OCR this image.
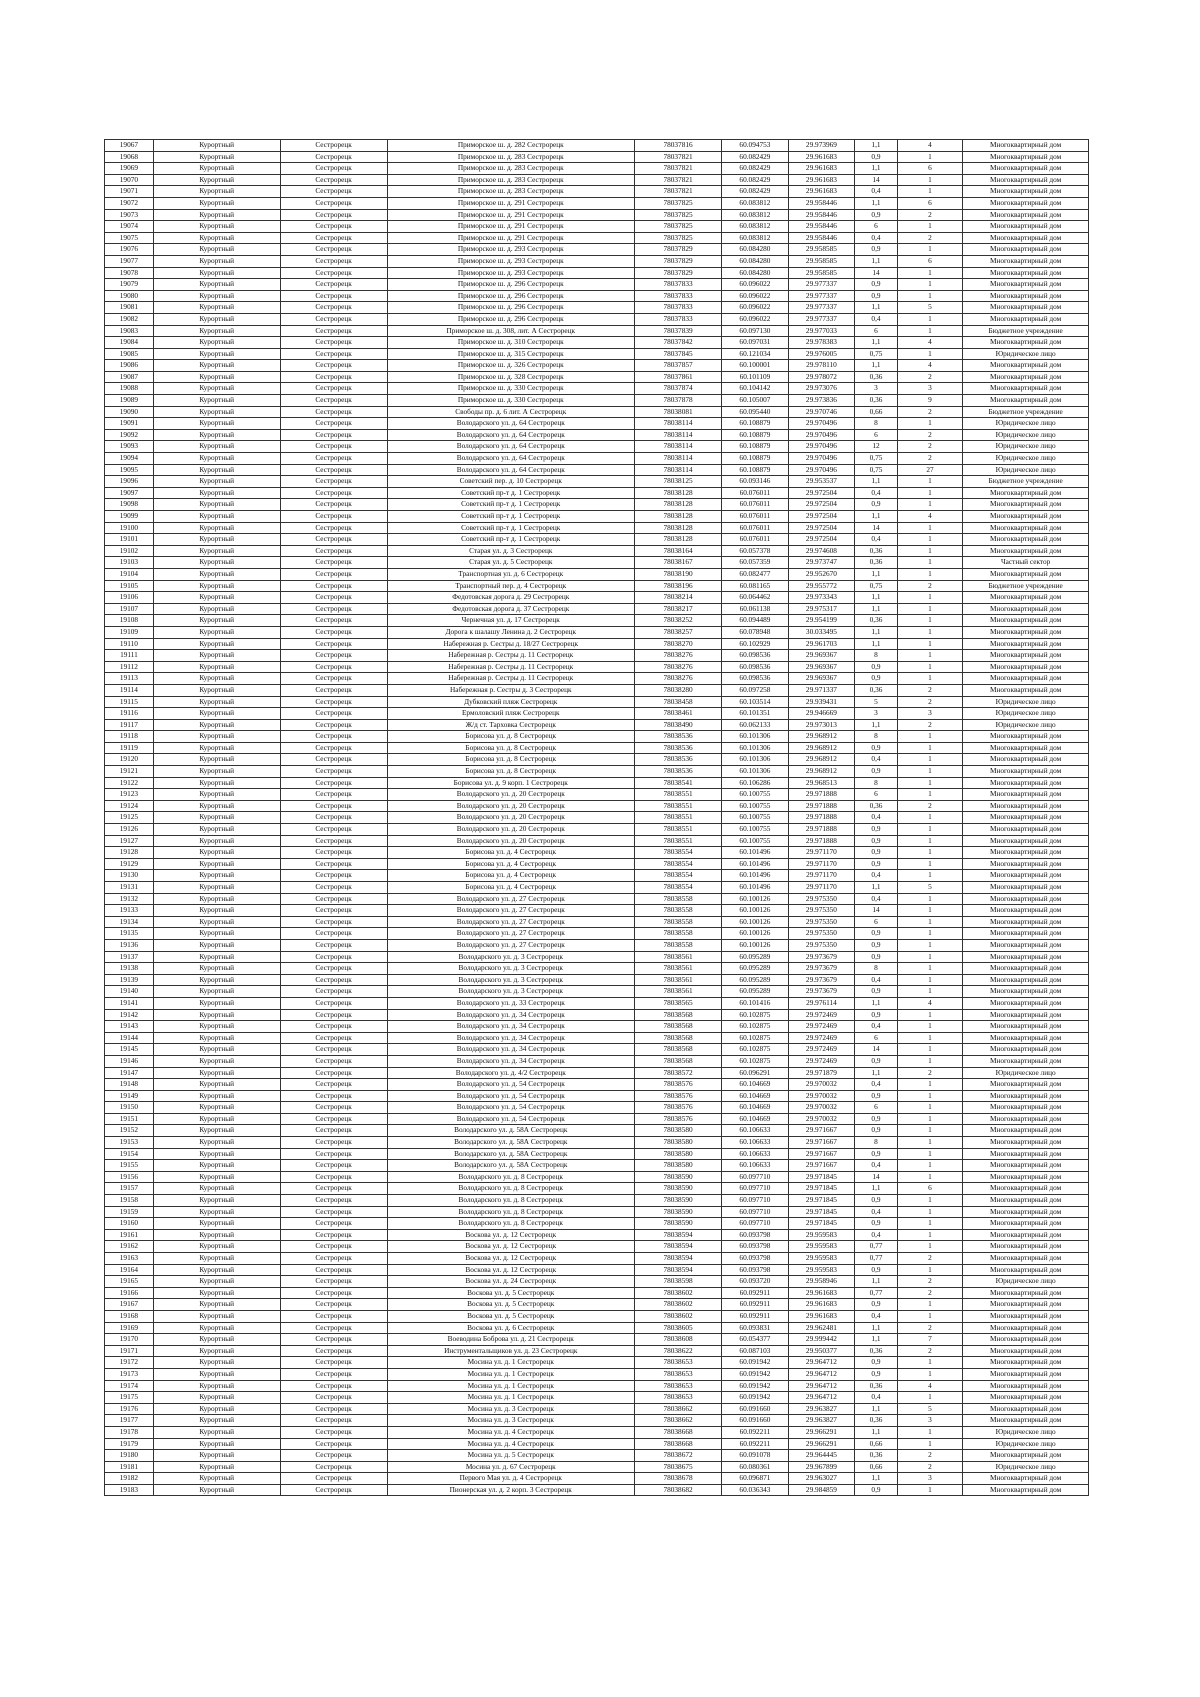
19067	Курортный	Сестрорецк	Приморское ш. д. 282 Сестрорецк	78037816	60.094753	29.973969	1,1	4	Многоквартирный дом
19068	Курортный	Сестрорецк	Приморское ш. д. 283 Сестрорецк	78037821	60.082429	29.961683	0,9	1	Многоквартирный дом
19069	Курортный	Сестрорецк	Приморское ш. д. 283 Сестрорецк	78037821	60.082429	29.961683	1,1	6	Многоквартирный дом
19070	Курортный	Сестрорецк	Приморское ш. д. 283 Сестрорецк	78037821	60.082429	29.961683	14	1	Многоквартирный дом
19071	Курортный	Сестрорецк	Приморское ш. д. 283 Сестрорецк	78037821	60.082429	29.961683	0,4	1	Многоквартирный дом
19072	Курортный	Сестрорецк	Приморское ш. д. 291 Сестрорецк	78037825	60.083812	29.958446	1,1	6	Многоквартирный дом
19073	Курортный	Сестрорецк	Приморское ш. д. 291 Сестрорецк	78037825	60.083812	29.958446	0,9	2	Многоквартирный дом
19074	Курортный	Сестрорецк	Приморское ш. д. 291 Сестрорецк	78037825	60.083812	29.958446	6	1	Многоквартирный дом
19075	Курортный	Сестрорецк	Приморское ш. д. 291 Сестрорецк	78037825	60.083812	29.958446	0,4	2	Многоквартирный дом
19076	Курортный	Сестрорецк	Приморское ш. д. 293 Сестрорецк	78037829	60.084280	29.958585	0,9	1	Многоквартирный дом
19077	Курортный	Сестрорецк	Приморское ш. д. 293 Сестрорецк	78037829	60.084280	29.958585	1,1	6	Многоквартирный дом
19078	Курортный	Сестрорецк	Приморское ш. д. 293 Сестрорецк	78037829	60.084280	29.958585	14	1	Многоквартирный дом
19079	Курортный	Сестрорецк	Приморское ш. д. 296 Сестрорецк	78037833	60.096022	29.977337	0,9	1	Многоквартирный дом
19080	Курортный	Сестрорецк	Приморское ш. д. 296 Сестрорецк	78037833	60.096022	29.977337	0,9	1	Многоквартирный дом
19081	Курортный	Сестрорецк	Приморское ш. д. 296 Сестрорецк	78037833	60.096022	29.977337	1,1	5	Многоквартирный дом
19082	Курортный	Сестрорецк	Приморское ш. д. 296 Сестрорецк	78037833	60.096022	29.977337	0,4	1	Многоквартирный дом
19083	Курортный	Сестрорецк	Приморское ш. д. 308, лит. А Сестрорецк	78037839	60.097130	29.977033	6	1	Бюджетное учреждение
19084	Курортный	Сестрорецк	Приморское ш. д. 310 Сестрорецк	78037842	60.097031	29.978383	1,1	4	Многоквартирный дом
19085	Курортный	Сестрорецк	Приморское ш. д. 315 Сестрорецк	78037845	60.121034	29.976005	0,75	1	Юридическое лицо
19086	Курортный	Сестрорецк	Приморское ш. д. 326 Сестрорецк	78037857	60.100001	29.978110	1,1	4	Многоквартирный дом
19087	Курортный	Сестрорецк	Приморское ш. д. 328 Сестрорецк	78037861	60.101109	29.978072	0,36	2	Многоквартирный дом
19088	Курортный	Сестрорецк	Приморское ш. д. 330 Сестрорецк	78037874	60.104142	29.973076	3	3	Многоквартирный дом
19089	Курортный	Сестрорецк	Приморское ш. д. 330 Сестрорецк	78037878	60.105007	29.973836	0,36	9	Многоквартирный дом
19090	Курортный	Сестрорецк	Свободы пр. д. 6 лит. А Сестрорецк	78038081	60.095440	29.970746	0,66	2	Бюджетное учреждение
19091	Курортный	Сестрорецк	Володарского ул. д. 64 Сестрорецк	78038114	60.108879	29.970496	8	1	Юридическое лицо
19092	Курортный	Сестрорецк	Володарского ул. д. 64 Сестрорецк	78038114	60.108879	29.970496	6	2	Юридическое лицо
19093	Курортный	Сестрорецк	Володарского ул. д. 64 Сестрорецк	78038114	60.108879	29.970496	12	2	Юридическое лицо
19094	Курортный	Сестрорецк	Володарского ул. д. 64 Сестрорецк	78038114	60.108879	29.970496	0,75	2	Юридическое лицо
19095	Курортный	Сестрорецк	Володарского ул. д. 64 Сестрорецк	78038114	60.108879	29.970496	0,75	27	Юридическое лицо
19096	Курортный	Сестрорецк	Советский пер. д. 10 Сестрорецк	78038125	60.093146	29.953537	1,1	1	Бюджетное учреждение
19097	Курортный	Сестрорецк	Советский пр-т д. 1 Сестрорецк	78038128	60.076011	29.972504	0,4	1	Многоквартирный дом
19098	Курортный	Сестрорецк	Советский пр-т д. 1 Сестрорецк	78038128	60.076011	29.972504	0,9	1	Многоквартирный дом
19099	Курортный	Сестрорецк	Советский пр-т д. 1 Сестрорецк	78038128	60.076011	29.972504	1,1	4	Многоквартирный дом
19100	Курортный	Сестрорецк	Советский пр-т д. 1 Сестрорецк	78038128	60.076011	29.972504	14	1	Многоквартирный дом
19101	Курортный	Сестрорецк	Советский пр-т д. 1 Сестрорецк	78038128	60.076011	29.972504	0,4	1	Многоквартирный дом
19102	Курортный	Сестрорецк	Старая ул. д. 3 Сестрорецк	78038164	60.057378	29.974608	0,36	1	Многоквартирный дом
19103	Курортный	Сестрорецк	Старая ул. д. 5 Сестрорецк	78038167	60.057359	29.973747	0,36	1	Частный сектор
19104	Курортный	Сестрорецк	Транспортная ул. д. 6 Сестрорецк	78038190	60.082477	29.952670	1,1	1	Многоквартирный дом
19105	Курортный	Сестрорецк	Транспортный пер. д. 4 Сестрорецк	78038196	60.081165	29.955772	0,75	2	Бюджетное учреждение
19106	Курортный	Сестрорецк	Федотовская дорога д. 29 Сестрорецк	78038214	60.064462	29.973343	1,1	1	Многоквартирный дом
19107	Курортный	Сестрорецк	Федотовская дорога д. 37 Сестрорецк	78038217	60.061138	29.975317	1,1	1	Многоквартирный дом
19108	Курортный	Сестрорецк	Чернечная ул. д. 17 Сестрорецк	78038252	60.094489	29.954199	0,36	1	Многоквартирный дом
19109	Курортный	Сестрорецк	Дорога к шалашу Ленина д. 2 Сестрорецк	78038257	60.078948	30.033495	1,1	1	Многоквартирный дом
19110	Курортный	Сестрорецк	Набережная р. Сестры д. 18/27 Сестрорецк	78038270	60.102929	29.961703	1,1	1	Многоквартирный дом
19111	Курортный	Сестрорецк	Набережная р. Сестры д. 11 Сестрорецк	78038276	60.098536	29.969367	8	1	Многоквартирный дом
19112	Курортный	Сестрорецк	Набережная р. Сестры д. 11 Сестрорецк	78038276	60.098536	29.969367	0,9	1	Многоквартирный дом
19113	Курортный	Сестрорецк	Набережная р. Сестры д. 11 Сестрорецк	78038276	60.098536	29.969367	0,9	1	Многоквартирный дом
19114	Курортный	Сестрорецк	Набережная р. Сестры д. 3 Сестрорецк	78038280	60.097258	29.971337	0,36	2	Многоквартирный дом
19115	Курортный	Сестрорецк	Дубковский пляж Сестрорецк	78038458	60.103514	29.939431	5	2	Юридическое лицо
19116	Курортный	Сестрорецк	Ермоловский пляж Сестрорецк	78038461	60.101351	29.946669	3	3	Юридическое лицо
19117	Курортный	Сестрорецк	Ж/д ст. Тарховка Сестрорецк	78038490	60.062133	29.973013	1,1	2	Юридическое лицо
19118	Курортный	Сестрорецк	Борисова ул. д. 8 Сестрорецк	78038536	60.101306	29.968912	8	1	Многоквартирный дом
19119	Курортный	Сестрорецк	Борисова ул. д. 8 Сестрорецк	78038536	60.101306	29.968912	0,9	1	Многоквартирный дом
19120	Курортный	Сестрорецк	Борисова ул. д. 8 Сестрорецк	78038536	60.101306	29.968912	0,4	1	Многоквартирный дом
19121	Курортный	Сестрорецк	Борисова ул. д. 8 Сестрорецк	78038536	60.101306	29.968912	0,9	1	Многоквартирный дом
19122	Курортный	Сестрорецк	Борисова ул. д. 9 корп. 1 Сестрорецк	78038541	60.106286	29.968513	8	1	Многоквартирный дом
19123	Курортный	Сестрорецк	Володарского ул. д. 20 Сестрорецк	78038551	60.100755	29.971888	6	1	Многоквартирный дом
19124	Курортный	Сестрорецк	Володарского ул. д. 20 Сестрорецк	78038551	60.100755	29.971888	0,36	2	Многоквартирный дом
19125	Курортный	Сестрорецк	Володарского ул. д. 20 Сестрорецк	78038551	60.100755	29.971888	0,4	1	Многоквартирный дом
19126	Курортный	Сестрорецк	Володарского ул. д. 20 Сестрорецк	78038551	60.100755	29.971888	0,9	1	Многоквартирный дом
19127	Курортный	Сестрорецк	Володарского ул. д. 20 Сестрорецк	78038551	60.100755	29.971888	0,9	1	Многоквартирный дом
19128	Курортный	Сестрорецк	Борисова ул. д. 4 Сестрорецк	78038554	60.101496	29.971170	0,9	1	Многоквартирный дом
19129	Курортный	Сестрорецк	Борисова ул. д. 4 Сестрорецк	78038554	60.101496	29.971170	0,9	1	Многоквартирный дом
19130	Курортный	Сестрорецк	Борисова ул. д. 4 Сестрорецк	78038554	60.101496	29.971170	0,4	1	Многоквартирный дом
19131	Курортный	Сестрорецк	Борисова ул. д. 4 Сестрорецк	78038554	60.101496	29.971170	1,1	5	Многоквартирный дом
19132	Курортный	Сестрорецк	Володарского ул. д. 27 Сестрорецк	78038558	60.100126	29.975350	0,4	1	Многоквартирный дом
19133	Курортный	Сестрорецк	Володарского ул. д. 27 Сестрорецк	78038558	60.100126	29.975350	14	1	Многоквартирный дом
19134	Курортный	Сестрорецк	Володарского ул. д. 27 Сестрорецк	78038558	60.100126	29.975350	6	1	Многоквартирный дом
19135	Курортный	Сестрорецк	Володарского ул. д. 27 Сестрорецк	78038558	60.100126	29.975350	0,9	1	Многоквартирный дом
19136	Курортный	Сестрорецк	Володарского ул. д. 27 Сестрорецк	78038558	60.100126	29.975350	0,9	1	Многоквартирный дом
19137	Курортный	Сестрорецк	Володарского ул. д. 3 Сестрорецк	78038561	60.095289	29.973679	0,9	1	Многоквартирный дом
19138	Курортный	Сестрорецк	Володарского ул. д. 3 Сестрорецк	78038561	60.095289	29.973679	8	1	Многоквартирный дом
19139	Курортный	Сестрорецк	Володарского ул. д. 3 Сестрорецк	78038561	60.095289	29.973679	0,4	1	Многоквартирный дом
19140	Курортный	Сестрорецк	Володарского ул. д. 3 Сестрорецк	78038561	60.095289	29.973679	0,9	1	Многоквартирный дом
19141	Курортный	Сестрорецк	Володарского ул. д. 33 Сестрорецк	78038565	60.101416	29.976114	1,1	4	Многоквартирный дом
19142	Курортный	Сестрорецк	Володарского ул. д. 34 Сестрорецк	78038568	60.102875	29.972469	0,9	1	Многоквартирный дом
19143	Курортный	Сестрорецк	Володарского ул. д. 34 Сестрорецк	78038568	60.102875	29.972469	0,4	1	Многоквартирный дом
19144	Курортный	Сестрорецк	Володарского ул. д. 34 Сестрорецк	78038568	60.102875	29.972469	6	1	Многоквартирный дом
19145	Курортный	Сестрорецк	Володарского ул. д. 34 Сестрорецк	78038568	60.102875	29.972469	14	1	Многоквартирный дом
19146	Курортный	Сестрорецк	Володарского ул. д. 34 Сестрорецк	78038568	60.102875	29.972469	0,9	1	Многоквартирный дом
19147	Курортный	Сестрорецк	Володарского ул. д. 4/2 Сестрорецк	78038572	60.096291	29.971879	1,1	2	Юридическое лицо
19148	Курортный	Сестрорецк	Володарского ул. д. 54 Сестрорецк	78038576	60.104669	29.970032	0,4	1	Многоквартирный дом
19149	Курортный	Сестрорецк	Володарского ул. д. 54 Сестрорецк	78038576	60.104669	29.970032	0,9	1	Многоквартирный дом
19150	Курортный	Сестрорецк	Володарского ул. д. 54 Сестрорецк	78038576	60.104669	29.970032	6	1	Многоквартирный дом
19151	Курортный	Сестрорецк	Володарского ул. д. 54 Сестрорецк	78038576	60.104669	29.970032	0,9	1	Многоквартирный дом
19152	Курортный	Сестрорецк	Володарского ул. д. 58А Сестрорецк	78038580	60.106633	29.971667	0,9	1	Многоквартирный дом
19153	Курортный	Сестрорецк	Володарского ул. д. 58А Сестрорецк	78038580	60.106633	29.971667	8	1	Многоквартирный дом
19154	Курортный	Сестрорецк	Володарского ул. д. 58А Сестрорецк	78038580	60.106633	29.971667	0,9	1	Многоквартирный дом
19155	Курортный	Сестрорецк	Володарского ул. д. 58А Сестрорецк	78038580	60.106633	29.971667	0,4	1	Многоквартирный дом
19156	Курортный	Сестрорецк	Володарского ул. д. 8 Сестрорецк	78038590	60.097710	29.971845	14	1	Многоквартирный дом
19157	Курортный	Сестрорецк	Володарского ул. д. 8 Сестрорецк	78038590	60.097710	29.971845	1,1	6	Многоквартирный дом
19158	Курортный	Сестрорецк	Володарского ул. д. 8 Сестрорецк	78038590	60.097710	29.971845	0,9	1	Многоквартирный дом
19159	Курортный	Сестрорецк	Володарского ул. д. 8 Сестрорецк	78038590	60.097710	29.971845	0,4	1	Многоквартирный дом
19160	Курортный	Сестрорецк	Володарского ул. д. 8 Сестрорецк	78038590	60.097710	29.971845	0,9	1	Многоквартирный дом
19161	Курортный	Сестрорецк	Воскова ул. д. 12 Сестрорецк	78038594	60.093798	29.959583	0,4	1	Многоквартирный дом
19162	Курортный	Сестрорецк	Воскова ул. д. 12 Сестрорецк	78038594	60.093798	29.959583	0,77	1	Многоквартирный дом
19163	Курортный	Сестрорецк	Воскова ул. д. 12 Сестрорецк	78038594	60.093798	29.959583	0,77	2	Многоквартирный дом
19164	Курортный	Сестрорецк	Воскова ул. д. 12 Сестрорецк	78038594	60.093798	29.959583	0,9	1	Многоквартирный дом
19165	Курортный	Сестрорецк	Воскова ул. д. 24 Сестрорецк	78038598	60.093720	29.958946	1,1	2	Юридическое лицо
19166	Курортный	Сестрорецк	Воскова ул. д. 5 Сестрорецк	78038602	60.092911	29.961683	0,77	2	Многоквартирный дом
19167	Курортный	Сестрорецк	Воскова ул. д. 5 Сестрорецк	78038602	60.092911	29.961683	0,9	1	Многоквартирный дом
19168	Курортный	Сестрорецк	Воскова ул. д. 5 Сестрорецк	78038602	60.092911	29.961683	0,4	1	Многоквартирный дом
19169	Курортный	Сестрорецк	Воскова ул. д. 6 Сестрорецк	78038605	60.093831	29.962481	1,1	2	Многоквартирный дом
19170	Курортный	Сестрорецк	Воеводина Боброва ул. д. 21 Сестрорецк	78038608	60.054377	29.999442	1,1	7	Многоквартирный дом
19171	Курортный	Сестрорецк	Инструментальщиков ул. д. 23 Сестрорецк	78038622	60.087103	29.950377	0,36	2	Многоквартирный дом
19172	Курортный	Сестрорецк	Мосина ул. д. 1 Сестрорецк	78038653	60.091942	29.964712	0,9	1	Многоквартирный дом
19173	Курортный	Сестрорецк	Мосина ул. д. 1 Сестрорецк	78038653	60.091942	29.964712	0,9	1	Многоквартирный дом
19174	Курортный	Сестрорецк	Мосина ул. д. 1 Сестрорецк	78038653	60.091942	29.964712	0,36	4	Многоквартирный дом
19175	Курортный	Сестрорецк	Мосина ул. д. 1 Сестрорецк	78038653	60.091942	29.964712	0,4	1	Многоквартирный дом
19176	Курортный	Сестрорецк	Мосина ул. д. 3 Сестрорецк	78038662	60.091660	29.963827	1,1	5	Многоквартирный дом
19177	Курортный	Сестрорецк	Мосина ул. д. 3 Сестрорецк	78038662	60.091660	29.963827	0,36	3	Многоквартирный дом
19178	Курортный	Сестрорецк	Мосина ул. д. 4 Сестрорецк	78038668	60.092211	29.966291	1,1	1	Юридическое лицо
19179	Курортный	Сестрорецк	Мосина ул. д. 4 Сестрорецк	78038668	60.092211	29.966291	0,66	1	Юридическое лицо
19180	Курортный	Сестрорецк	Мосина ул. д. 5 Сестрорецк	78038672	60.091078	29.964445	0,36	2	Многоквартирный дом
19181	Курортный	Сестрорецк	Мосина ул. д. 67 Сестрорецк	78038675	60.080361	29.967899	0,66	2	Юридическое лицо
19182	Курортный	Сестрорецк	Первого Мая ул. д. 4 Сестрорецк	78038678	60.096871	29.963027	1,1	3	Многоквартирный дом
19183	Курортный	Сестрорецк	Пионерская ул. д. 2 корп. 3 Сестрорецк	78038682	60.036343	29.984859	0,9	1	Многоквартирный дом
